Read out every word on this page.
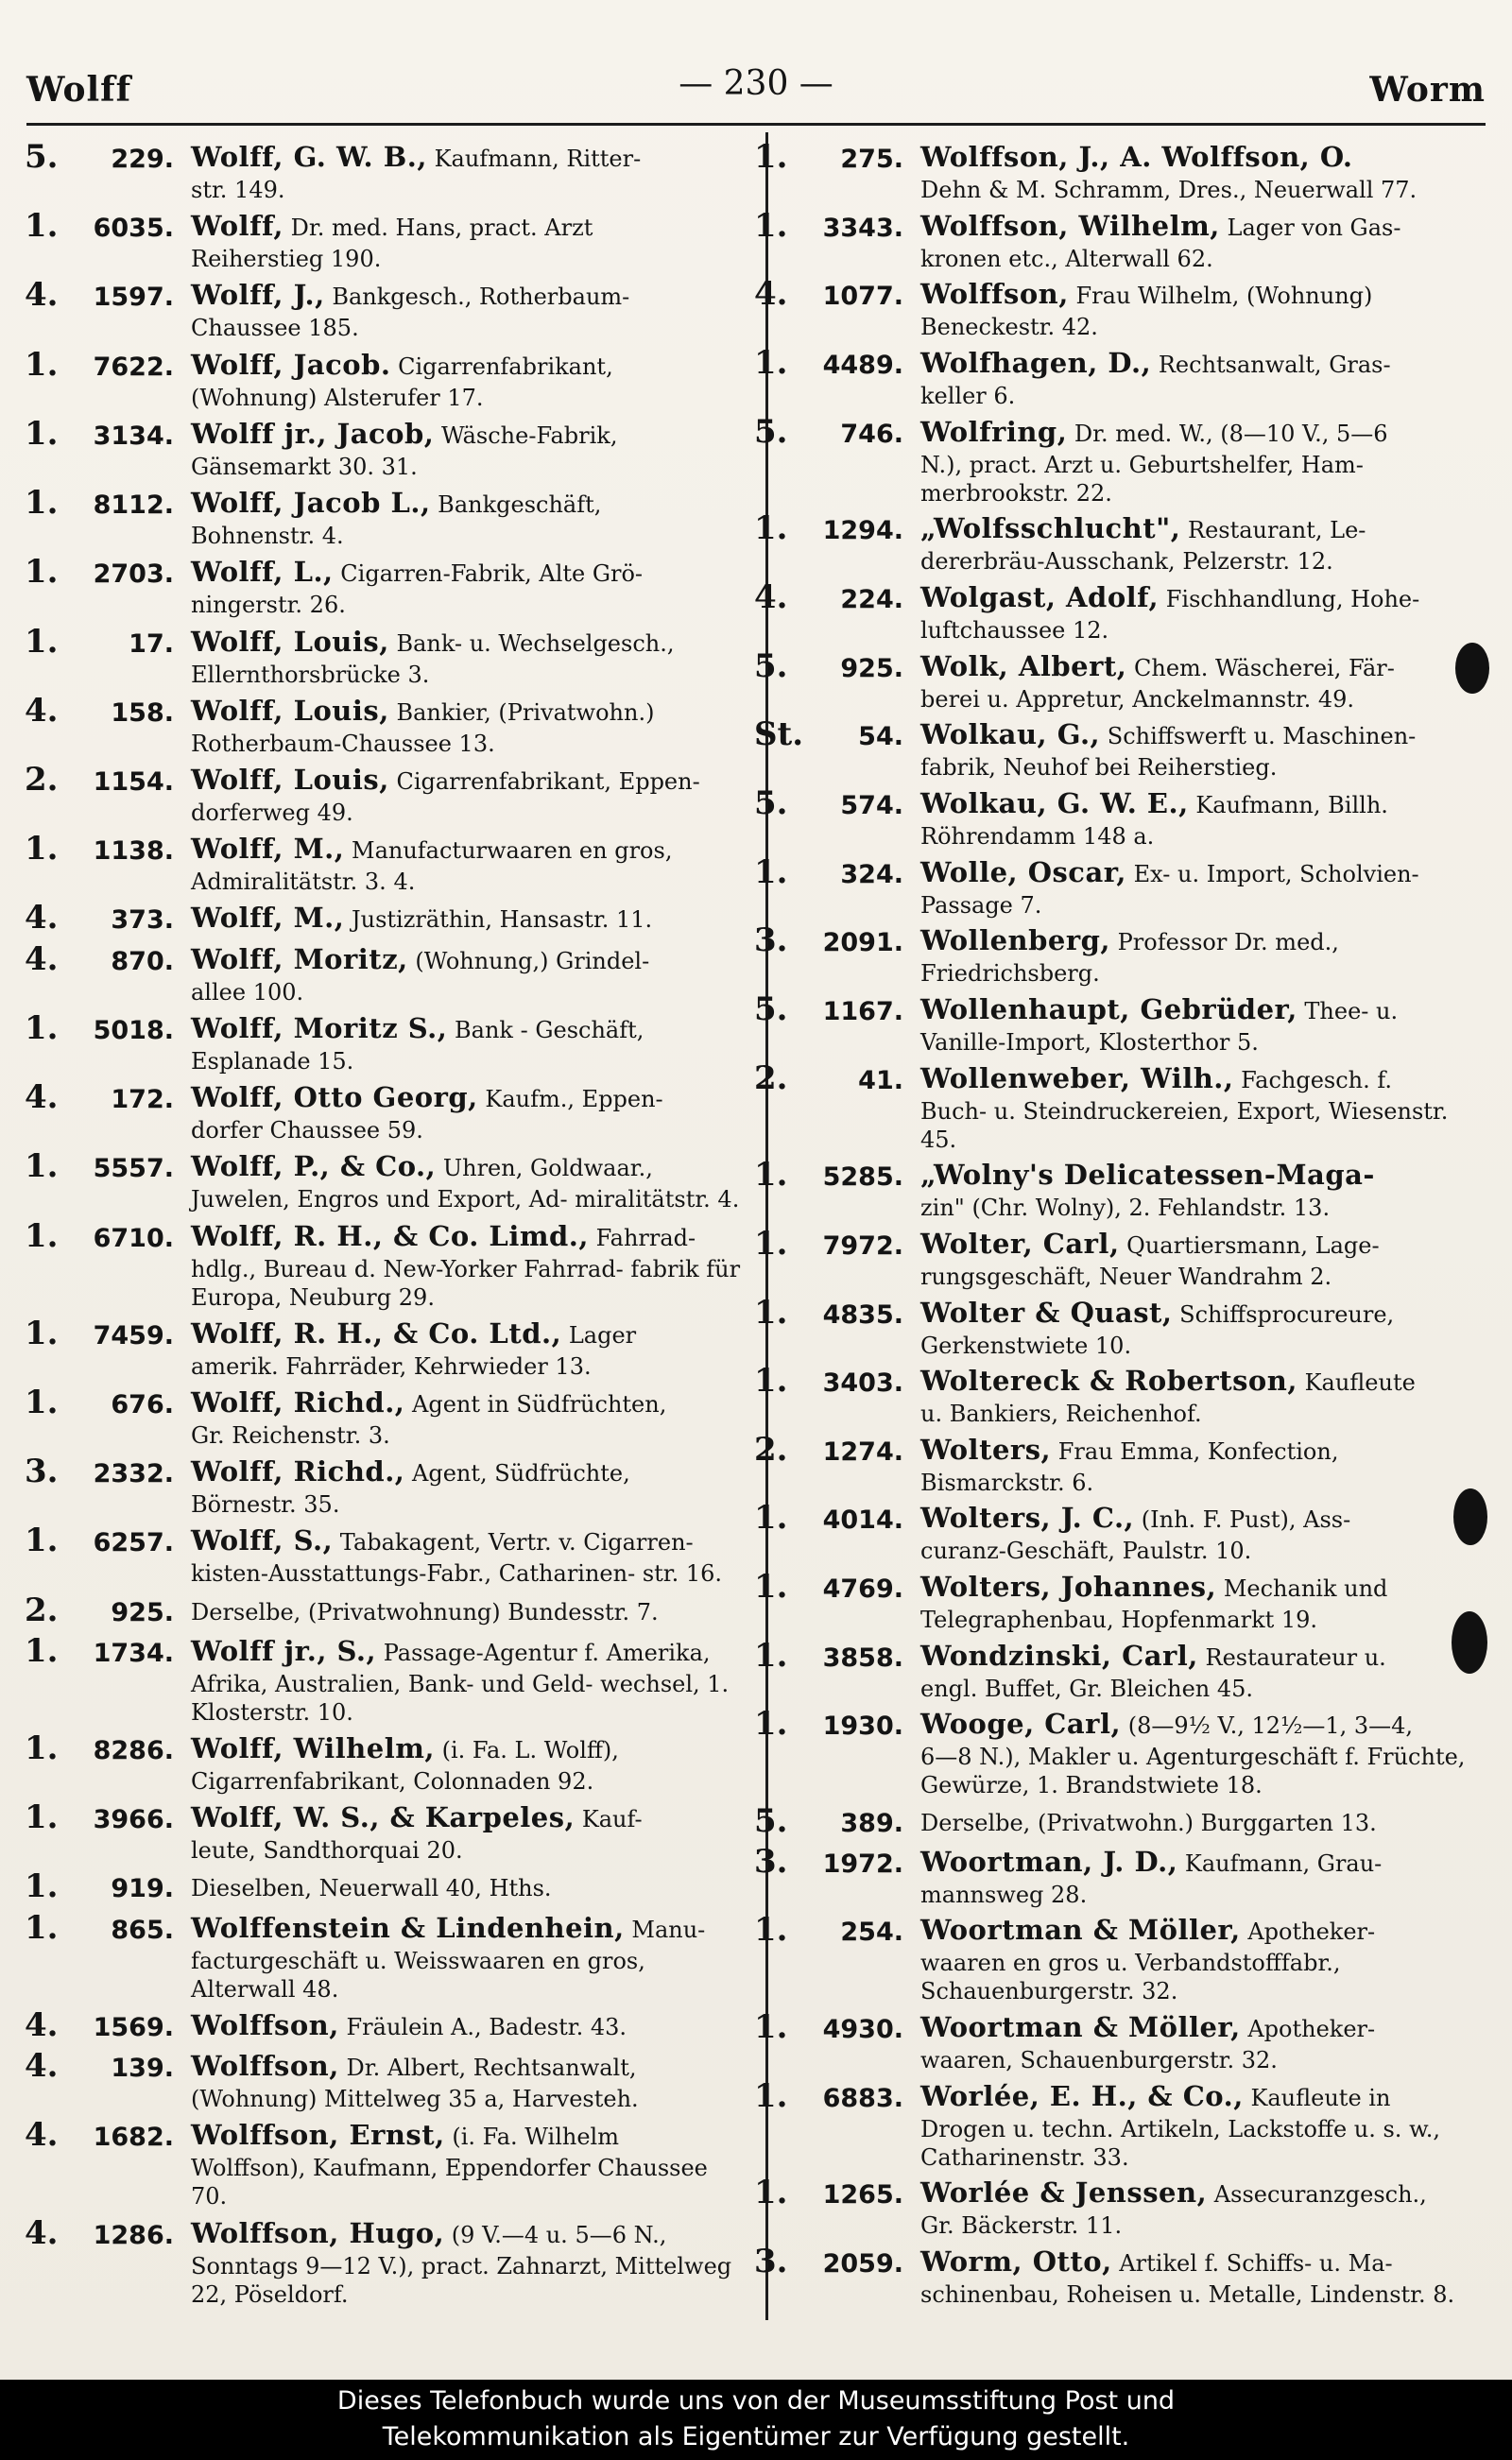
Wolff	— 230 —	Worm
5.	229. Wolff, G. W. B., Kaufmann, Ritter-
str. 149.
1.	6035. Wolff, Dr. med. Hans, pract. Arzt
Reiherstieg 190.
4.	1597. Wolff, J., Bankgesch., Rotherbaum-
Chaussee 185.
1.	7622. Wolff, Jacob. Cigarrenfabrikant,
(Wohnung) Alsterufer 17.
1.	3134. Wolff jr., Jacob, Wäsche-Fabrik,
Gänsemarkt 30. 31.
1.	8112. Wolff, Jacob L., Bankgeschäft,
Bohnenstr. 4.
1.	2703. Wolff, L., Cigarren-Fabrik, Alte Grö-
ningerstr. 26.
1.	17. Wolff, Louis, Bank- u. Wechselgesch.,
Ellernthorsbrücke 3.
4.	158. Wolff, Louis, Bankier, (Privatwohn.)
Rotherbaum-Chaussee 13.
2.	1154. Wolff, Louis, Cigarrenfabrikant, Eppen-
dorferweg 49.
1.	1138. Wolff, M., Manufacturwaaren en gros,
Admiralitätstr. 3. 4.
4.	373. Wolff, M., Justizräthin, Hansastr. 11.
4.	870. Wolff, Moritz, (Wohnung,) Grindel-
allee 100.
1.	5018. Wolff, Moritz S., Bank - Geschäft,
Esplanade 15.
4.	172. Wolff, Otto Georg, Kaufm., Eppen-
dorfer Chaussee 59.
1.	5557. Wolff, P., & Co., Uhren, Goldwaar.,
Juwelen, Engros und Export, Ad- miralitätstr. 4.
1.	6710. Wolff, R. H., & Co. Limd., Fahrrad-
hdlg., Bureau d. New-Yorker Fahrrad- fabrik für Europa, Neuburg 29.
1.	7459. Wolff, R. H., & Co. Ltd., Lager
amerik. Fahrräder, Kehrwieder 13.
1.	676. Wolff, Richd., Agent in Südfrüchten,
Gr. Reichenstr. 3.
3.	2332. Wolff, Richd., Agent, Südfrüchte,
Börnestr. 35.
1.	6257. Wolff, S., Tabakagent, Vertr. v. Cigarren-
kisten-Ausstattungs-Fabr., Catharinen- str. 16.
2.	925. Derselbe, (Privatwohnung) Bundesstr. 7.
1.	1734. Wolff jr., S., Passage-Agentur f. Amerika,
Afrika, Australien, Bank- und Geld- wechsel, 1. Klosterstr. 10.
1.	8286. Wolff, Wilhelm, (i. Fa. L. Wolff),
Cigarrenfabrikant, Colonnaden 92.
1.	3966. Wolff, W. S., & Karpeles, Kauf-
leute, Sandthorquai 20.
1.	919. Dieselben, Neuerwall 40, Hths.
1.	865. Wolffenstein & Lindenhein, Manu-
facturgeschäft u. Weisswaaren en gros, Alterwall 48.
4.	1569. Wolffson, Fräulein A., Badestr. 43.
4.	139. Wolffson, Dr. Albert, Rechtsanwalt,
(Wohnung) Mittelweg 35 a, Harvesteh.
4.	1682. Wolffson, Ernst, (i. Fa. Wilhelm
Wolffson), Kaufmann, Eppendorfer Chaussee 70.
4.	1286. Wolffson, Hugo, (9 V.—4 u. 5—6 N.,
Sonntags 9—12 V.), pract. Zahnarzt, Mittelweg 22, Pöseldorf.
1.	275. Wolffson, J., A. Wolffson, O.
Dehn & M. Schramm, Dres., Neuerwall 77.
1.	3343. Wolffson, Wilhelm, Lager von Gas-
kronen etc., Alterwall 62.
4.	1077. Wolffson, Frau Wilhelm, (Wohnung)
Beneckestr. 42.
1.	4489. Wolfhagen, D., Rechtsanwalt, Gras-
keller 6.
5.	746. Wolfring, Dr. med. W., (8—10 V., 5—6
N.), pract. Arzt u. Geburtshelfer, Ham- merbrookstr. 22.
1.	1294. „Wolfsschlucht", Restaurant, Le-
dererbräu-Ausschank, Pelzerstr. 12.
4.	224. Wolgast, Adolf, Fischhandlung, Hohe-
luftchaussee 12.
5.	925. Wolk, Albert, Chem. Wäscherei, Fär-
berei u. Appretur, Anckelmannstr. 49.
St.	54. Wolkau, G., Schiffswerft u. Maschinen-
fabrik, Neuhof bei Reiherstieg.
5.	574. Wolkau, G. W. E., Kaufmann, Billh.
Röhrendamm 148 a.
1.	324. Wolle, Oscar, Ex- u. Import, Scholvien-
Passage 7.
3.	2091. Wollenberg, Professor Dr. med.,
Friedrichsberg.
5.	1167. Wollenhaupt, Gebrüder, Thee- u.
Vanille-Import, Klosterthor 5.
2.	41. Wollenweber, Wilh., Fachgesch. f.
Buch- u. Steindruckereien, Export, Wiesenstr. 45.
1.	5285. „Wolny's Delicatessen-Maga-
zin" (Chr. Wolny), 2. Fehlandstr. 13.
1.	7972. Wolter, Carl, Quartiersmann, Lage-
rungsgeschäft, Neuer Wandrahm 2.
1.	4835. Wolter & Quast, Schiffsprocureure,
Gerkenstwiete 10.
1.	3403. Woltereck & Robertson, Kaufleute
u. Bankiers, Reichenhof.
2.	1274. Wolters, Frau Emma, Konfection,
Bismarckstr. 6.
1.	4014. Wolters, J. C., (Inh. F. Pust), Ass-
curanz-Geschäft, Paulstr. 10.
1.	4769. Wolters, Johannes, Mechanik und
Telegraphenbau, Hopfenmarkt 19.
1.	3858. Wondzinski, Carl, Restaurateur u.
engl. Buffet, Gr. Bleichen 45.
1.	1930. Wooge, Carl, (8—9½ V., 12½—1, 3—4,
6—8 N.), Makler u. Agenturgeschäft f. Früchte, Gewürze, 1. Brandstwiete 18.
5.	389. Derselbe, (Privatwohn.) Burggarten 13.
3.	1972. Woortman, J. D., Kaufmann, Grau-
mannsweg 28.
1.	254. Woortman & Möller, Apotheker-
waaren en gros u. Verbandstofffabr., Schauenburgerstr. 32.
1.	4930. Woortman & Möller, Apotheker-
waaren, Schauenburgerstr. 32.
1.	6883. Worlée, E. H., & Co., Kaufleute in
Drogen u. techn. Artikeln, Lackstoffe u. s. w., Catharinenstr. 33.
1.	1265. Worlée & Jenssen, Assecuranzgesch.,
Gr. Bäckerstr. 11.
3.	2059. Worm, Otto, Artikel f. Schiffs- u. Ma-
schinenbau, Roheisen u. Metalle, Lindenstr. 8.
Dieses Telefonbuch wurde uns von der Museumsstiftung Post und
Telekommunikation als Eigentümer zur Verfügung gestellt.
